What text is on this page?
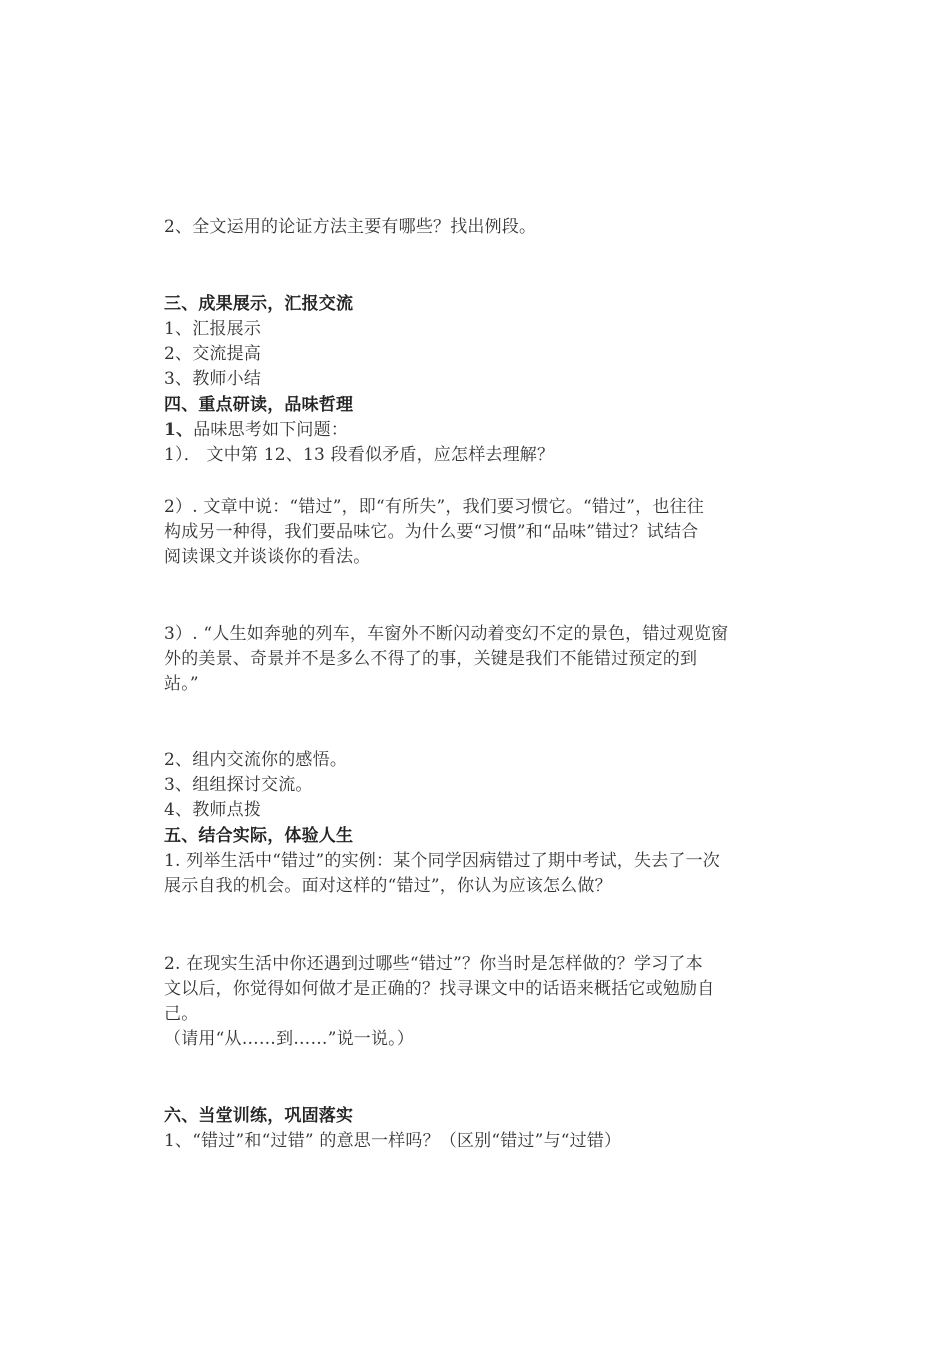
2、全文运用的论证方法主要有哪些？找出例段。
三、成果展示，汇报交流
1、汇报展示
2、交流提高
3、教师小结
四、重点研读，品味哲理
1、品味思考如下问题：
1）． 文中第 12、13 段看似矛盾，应怎样去理解？
2）. 文章中说：“错过”，即“有所失”，我们要习惯它。“错过”，也往往
构成另一种得，我们要品味它。为什么要“习惯”和“品味”错过？试结合
阅读课文并谈谈你的看法。
3）. “人生如奔驰的列车，车窗外不断闪动着变幻不定的景色，错过观览窗
外的美景、奇景并不是多么不得了的事，关键是我们不能错过预定的到
站。”
2、组内交流你的感悟。
3、组组探讨交流。
4、教师点拨
五、结合实际，体验人生
1. 列举生活中“错过”的实例：某个同学因病错过了期中考试，失去了一次
展示自我的机会。面对这样的“错过”，你认为应该怎么做？
2. 在现实生活中你还遇到过哪些“错过”？你当时是怎样做的？学习了本
文以后，你觉得如何做才是正确的？找寻课文中的话语来概括它或勉励自
己。
（请用“从……到……”说一说。）
六、当堂训练，巩固落实
1、“错过”和“过错” 的意思一样吗？（区别“错过”与“过错）
